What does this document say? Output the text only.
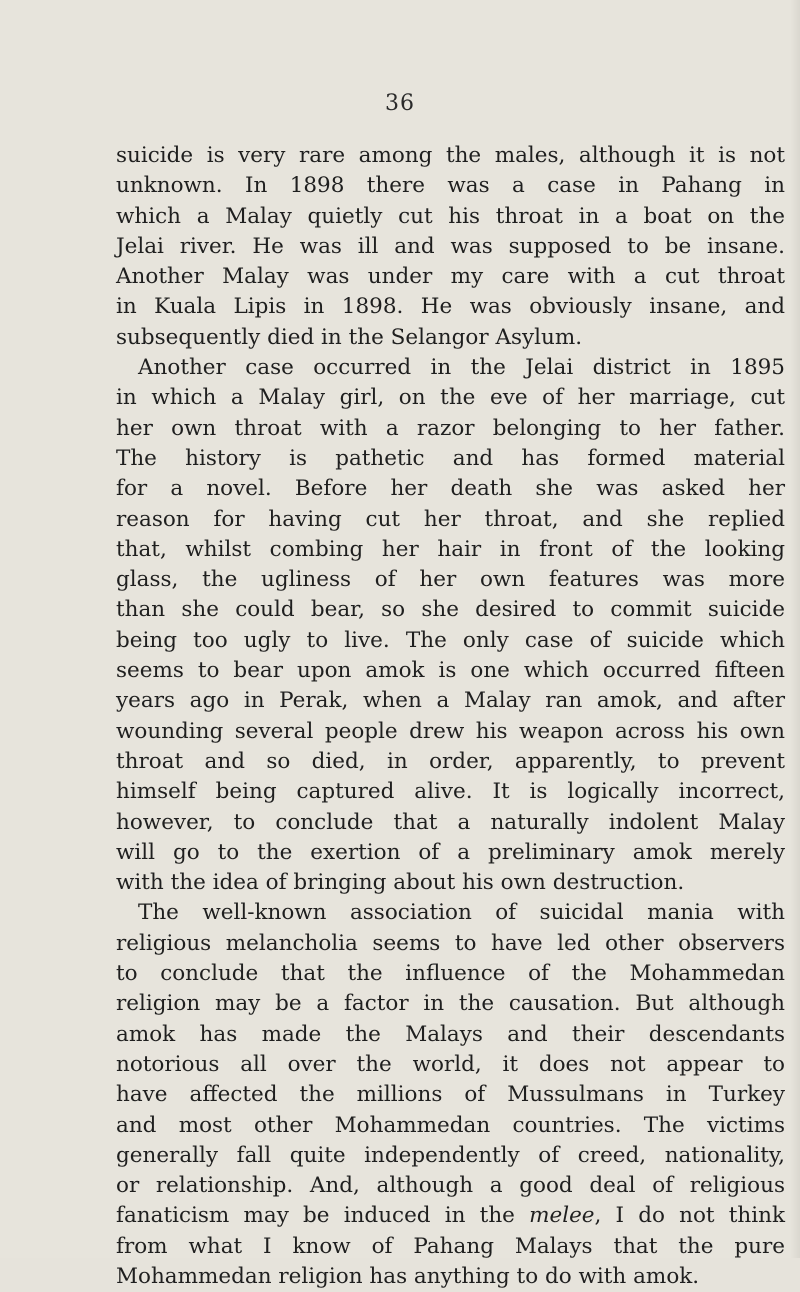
36
suicide is very rare among the males, although it is not
unknown. In 1898 there was a case in Pahang in
which a Malay quietly cut his throat in a boat on the
Jelai river. He was ill and was supposed to be insane.
Another Malay was under my care with a cut throat
in Kuala Lipis in 1898. He was obviously insane, and
subsequently died in the Selangor Asylum.
Another case occurred in the Jelai district in 1895
in which a Malay girl, on the eve of her marriage, cut
her own throat with a razor belonging to her father.
The history is pathetic and has formed material
for a novel. Before her death she was asked her
reason for having cut her throat, and she replied
that, whilst combing her hair in front of the looking
glass, the ugliness of her own features was more
than she could bear, so she desired to commit suicide
being too ugly to live. The only case of suicide which
seems to bear upon amok is one which occurred fifteen
years ago in Perak, when a Malay ran amok, and after
wounding several people drew his weapon across his own
throat and so died, in order, apparently, to prevent
himself being captured alive. It is logically incorrect,
however, to conclude that a naturally indolent Malay
will go to the exertion of a preliminary amok merely
with the idea of bringing about his own destruction.
The well-known association of suicidal mania with
religious melancholia seems to have led other observers
to conclude that the influence of the Mohammedan
religion may be a factor in the causation. But although
amok has made the Malays and their descendants
notorious all over the world, it does not appear to
have affected the millions of Mussulmans in Turkey
and most other Mohammedan countries. The victims
generally fall quite independently of creed, nationality,
or relationship. And, although a good deal of religious
fanaticism may be induced in the melee, I do not think
from what I know of Pahang Malays that the pure
Mohammedan religion has anything to do with amok.
